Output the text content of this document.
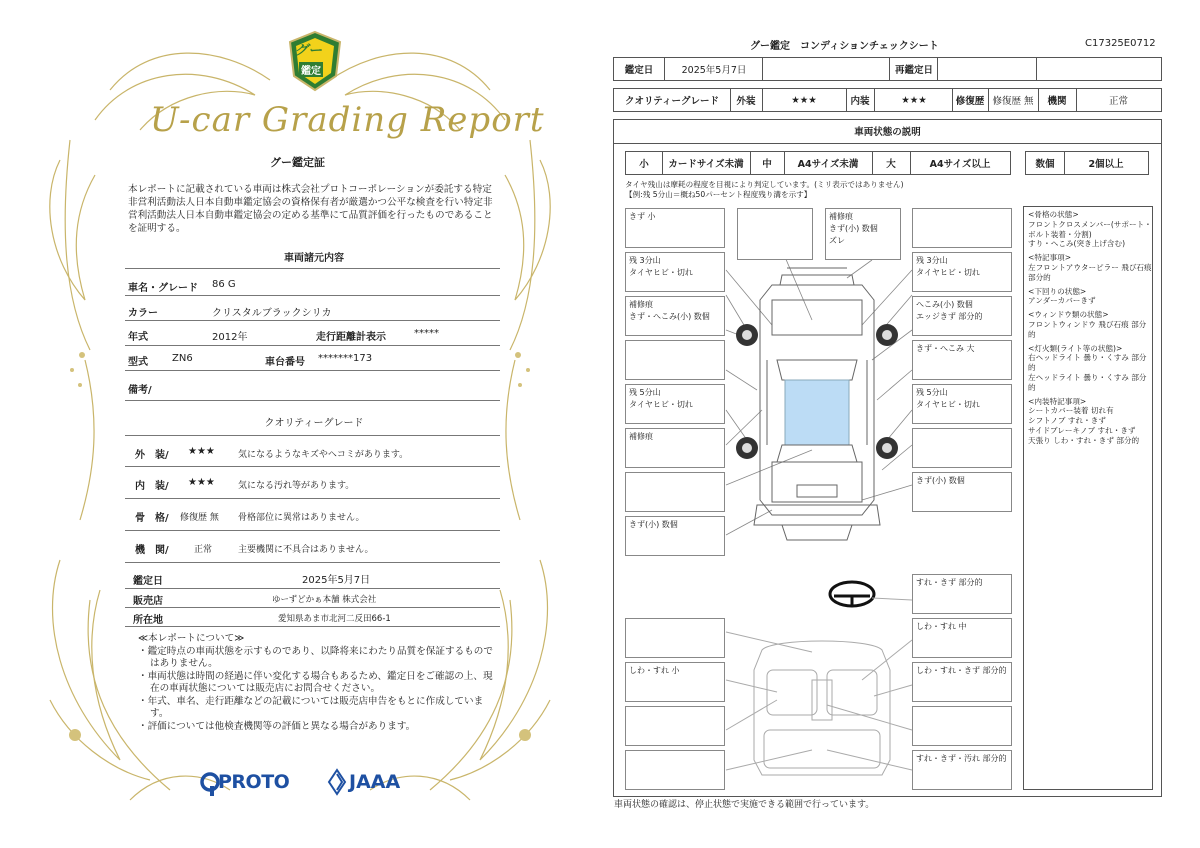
グー
鑑定
U-car Grading Report
グー鑑定証
本レポートに記載されている車両は株式会社プロトコーポレーションが委託する特定非営利活動法人日本自動車鑑定協会の資格保有者が厳選かつ公平な検査を行い特定非営利活動法人日本自動車鑑定協会の定める基準にて品質評価を行ったものであることを証明する。
車両諸元内容
車名・グレード 86 G
カラー	クリスタルブラックシリカ
年式	2012年	走行距離計表示	*****
型式 ZN6	車台番号 *******173
備考/
クオリティーグレード
外　装/ ★★★	気になるようなキズやヘコミがあります。
内　装/ ★★★	気になる汚れ等があります。
骨　格/ 修復歴 無 骨格部位に異常はありません。
機　関/	正常	主要機関に不具合はありません。
鑑定日	2025年5月7日
販売店	ゆーずどかぁ本舗 株式会社
所在地	愛知県あま市北河二反田66-1
≪本レポートについて≫
・鑑定時点の車両状態を示すものであり、以降将来にわたり品質を保証するものではありません。
・車両状態は時間の経過に伴い変化する場合もあるため、鑑定日をご確認の上、現在の車両状態については販売店にお問合せください。
・年式、車名、走行距離などの記載については販売店申告をもとに作成しています。
・評価については他検査機関等の評価と異なる場合があります。
PROTO	JAAA
グー鑑定　コンディションチェックシート	C17325E0712
鑑定日	2025年5月7日	再鑑定日
クオリティーグレード	外装	★★★	内装	★★★	修復歴 修復歴 無	機関	正常
車両状態の説明
小	カードサイズ未満	中	A4サイズ未満	大	A4サイズ以上	数個	2個以上
タイヤ残山は摩耗の程度を目視により判定しています。(ミリ表示ではありません)
【例:残 5分山＝概ね50パーセント程度残り溝を示す】
きず 小
残 3分山
タイヤヒビ・切れ
補修痕
きず・へこみ(小) 数個
残 5分山
タイヤヒビ・切れ
補修痕
きず(小) 数個
補修痕
きず(小) 数個
ズレ
残 3分山
タイヤヒビ・切れ
へこみ(小) 数個
エッジきず 部分的
きず・へこみ 大
残 5分山
タイヤヒビ・切れ
きず(小) 数個
すれ・きず 部分的
しわ・すれ 中
しわ・すれ・きず 部分的
すれ・きず・汚れ 部分的
しわ・すれ 小

<骨格の状態>
フロントクロスメンバー(サポート・ボルト装着・分割)
すり・へこみ(突き上げ含む)

<特記事項>
左フロントアウターピラー 飛び石痕 部分的

<下回りの状態>
アンダーカバーきず

<ウィンドウ類の状態>
フロントウィンドウ 飛び石痕 部分的

<灯火類(ライト等の状態)>
右ヘッドライト 曇り・くすみ 部分的
左ヘッドライト 曇り・くすみ 部分的

<内装特記事項>
シートカバー装着 切れ有
シフトノブ すれ・きず
サイドブレーキノブ すれ・きず
天張り しわ・すれ・きず 部分的

車両状態の確認は、停止状態で実施できる範囲で行っています。
